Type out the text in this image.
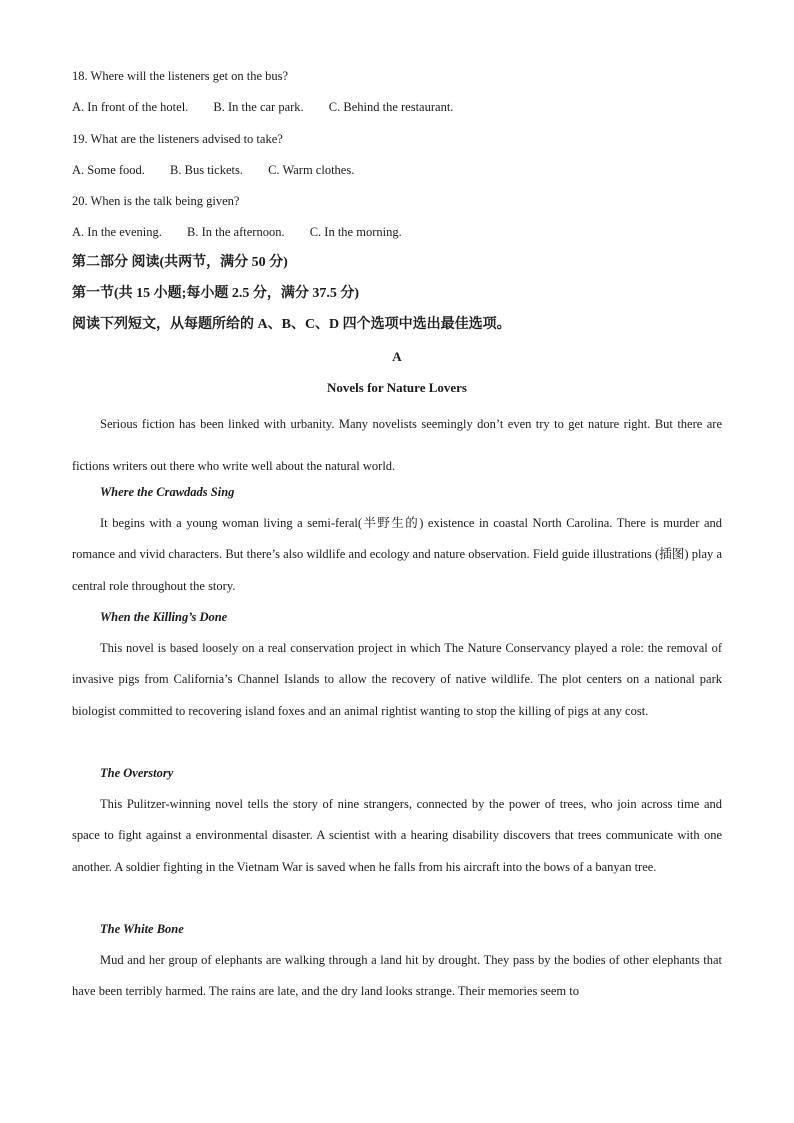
18. Where will the listeners get on the bus?
A. In front of the hotel. B. In the car park. C. Behind the restaurant.
19. What are the listeners advised to take?
A. Some food. B. Bus tickets. C. Warm clothes.
20. When is the talk being given?
A. In the evening. B. In the afternoon. C. In the morning.
第二部分 阅读(共两节，满分 50 分)
第一节(共 15 小题;每小题 2.5 分，满分 37.5 分)
阅读下列短文，从每题所给的 A、B、C、D 四个选项中选出最佳选项。
A
Novels for Nature Lovers

Serious fiction has been linked with urbanity. Many novelists seemingly don’t even try to get nature right. But there are fictions writers out there who write well about the natural world.

Where the Crawdads Sing

It begins with a young woman living a semi-feral(半野生的) existence in coastal North Carolina. There is murder and romance and vivid characters. But there’s also wildlife and ecology and nature observation. Field guide illustrations (插图) play a central role throughout the story.

When the Killing’s Done

This novel is based loosely on a real conservation project in which The Nature Conservancy played a role: the removal of invasive pigs from California’s Channel Islands to allow the recovery of native wildlife. The plot centers on a national park biologist committed to recovering island foxes and an animal rightist wanting to stop the killing of pigs at any cost.

The Overstory

This Pulitzer-winning novel tells the story of nine strangers, connected by the power of trees, who join across time and space to fight against a environmental disaster. A scientist with a hearing disability discovers that trees communicate with one another. A soldier fighting in the Vietnam War is saved when he falls from his aircraft into the bows of a banyan tree.

The White Bone

Mud and her group of elephants are walking through a land hit by drought. They pass by the bodies of other elephants that have been terribly harmed. The rains are late, and the dry land looks strange. Their memories seem to
